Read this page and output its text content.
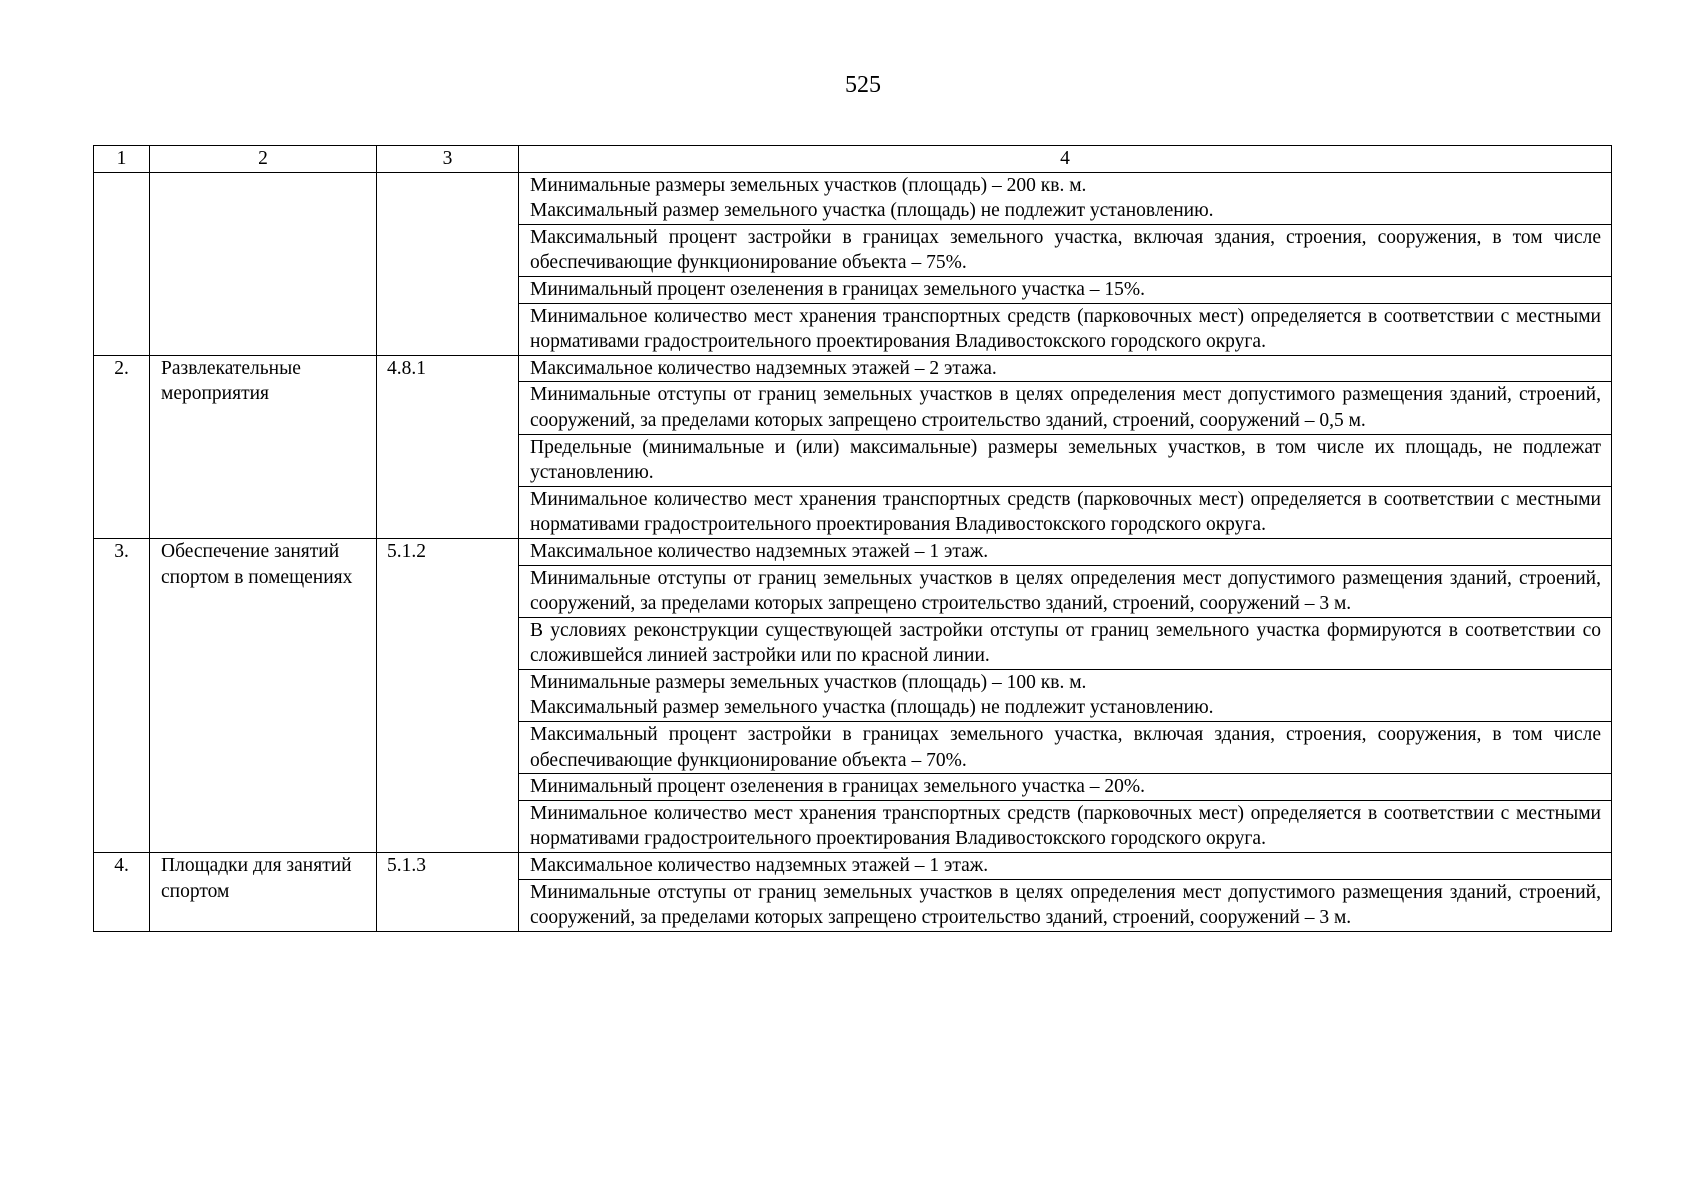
525
1	2	3	4

			Минимальные размеры земельных участков (площадь) – 200 кв. м.
Максимальный размер земельного участка (площадь) не подлежит установлению.

			Максимальный процент застройки в границах земельного участка, включая здания, строения, сооружения, в том числе обеспечивающие функционирование объекта – 75%.

			Минимальный процент озеленения в границах земельного участка – 15%.

			Минимальное количество мест хранения транспортных средств (парковочных мест) определяется в соответствии с местными нормативами градостроительного проектирования Владивостокского городского округа.

2.	Развлекательные мероприятия	4.8.1	Максимальное количество надземных этажей – 2 этажа.

			Минимальные отступы от границ земельных участков в целях определения мест допустимого размещения зданий, строений, сооружений, за пределами которых запрещено строительство зданий, строений, сооружений – 0,5 м.

			Предельные (минимальные и (или) максимальные) размеры земельных участков, в том числе их площадь, не подлежат установлению.

			Минимальное количество мест хранения транспортных средств (парковочных мест) определяется в соответствии с местными нормативами градостроительного проектирования Владивостокского городского округа.

3.	Обеспечение занятий спортом в помещениях	5.1.2	Максимальное количество надземных этажей – 1 этаж.

			Минимальные отступы от границ земельных участков в целях определения мест допустимого размещения зданий, строений, сооружений, за пределами которых запрещено строительство зданий, строений, сооружений – 3 м.

			В условиях реконструкции существующей застройки отступы от границ земельного участка формируются в соответствии со сложившейся линией застройки или по красной линии.

			Минимальные размеры земельных участков (площадь) – 100 кв. м.
Максимальный размер земельного участка (площадь) не подлежит установлению.

			Максимальный процент застройки в границах земельного участка, включая здания, строения, сооружения, в том числе обеспечивающие функционирование объекта – 70%.

			Минимальный процент озеленения в границах земельного участка – 20%.

			Минимальное количество мест хранения транспортных средств (парковочных мест) определяется в соответствии с местными нормативами градостроительного проектирования Владивостокского городского округа.

4.	Площадки для занятий спортом	5.1.3	Максимальное количество надземных этажей – 1 этаж.

			Минимальные отступы от границ земельных участков в целях определения мест допустимого размещения зданий, строений, сооружений, за пределами которых запрещено строительство зданий, строений, сооружений – 3 м.
